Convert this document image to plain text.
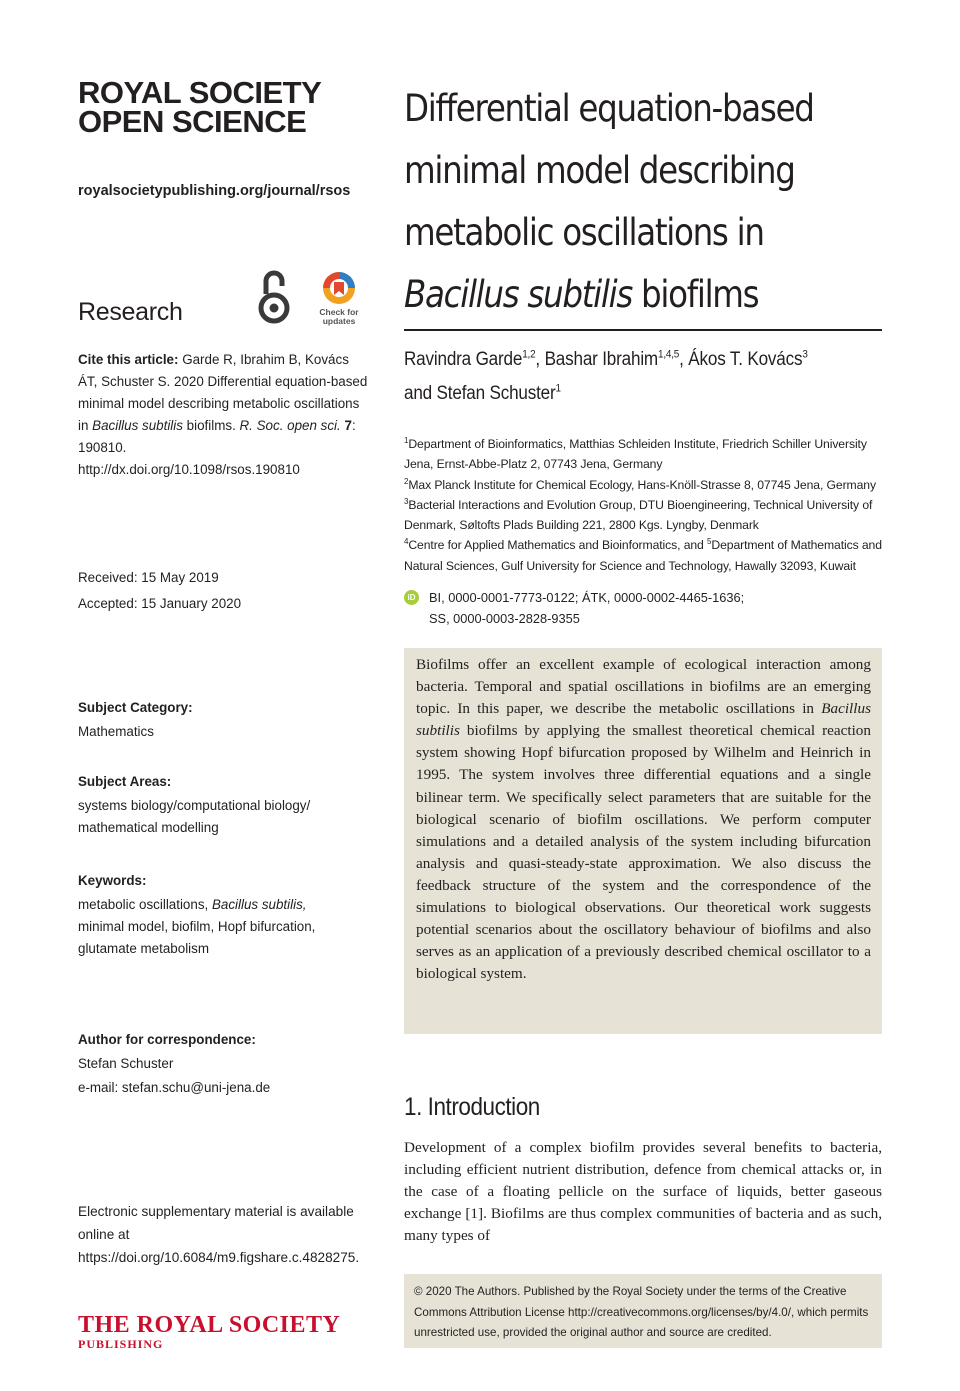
ROYAL SOCIETY
OPEN SCIENCE
royalsocietypublishing.org/journal/rsos
Research	Check for
updates
Cite this article: Garde R, Ibrahim B, Kovács ÁT, Schuster S. 2020 Differential equation-based minimal model describing metabolic oscillations in Bacillus subtilis biofilms. R. Soc. open sci. 7: 190810.
http://dx.doi.org/10.1098/rsos.190810
Received: 15 May 2019
Accepted: 15 January 2020
Subject Category:
Mathematics
Subject Areas:
systems biology/computational biology/
mathematical modelling
Keywords:
metabolic oscillations, Bacillus subtilis, minimal model, biofilm, Hopf bifurcation, glutamate metabolism
Author for correspondence:
Stefan Schuster
e-mail: stefan.schu@uni-jena.de
Electronic supplementary material is available online at https://doi.org/10.6084/m9.figshare.c.4828275.
THE ROYAL SOCIETY
PUBLISHING
Differential equation-based
minimal model describing
metabolic oscillations in
Bacillus subtilis biofilms
Ravindra Garde$^{1,2}$, Bashar Ibrahim$^{1,4,5}$, Ákos T. Kovács$^3$
and Stefan Schuster$^1$
$^1$Department of Bioinformatics, Matthias Schleiden Institute, Friedrich Schiller University Jena, Ernst-Abbe-Platz 2, 07743 Jena, Germany
$^2$Max Planck Institute for Chemical Ecology, Hans-Knöll-Strasse 8, 07745 Jena, Germany
$^3$Bacterial Interactions and Evolution Group, DTU Bioengineering, Technical University of Denmark, Søltofts Plads Building 221, 2800 Kgs. Lyngby, Denmark
$^4$Centre for Applied Mathematics and Bioinformatics, and $^5$Department of Mathematics and Natural Sciences, Gulf University for Science and Technology, Hawally 32093, Kuwait
iD BI, 0000-0001-7773-0122; ÁTK, 0000-0002-4465-1636;
SS, 0000-0003-2828-9355

Biofilms offer an excellent example of ecological interaction among bacteria. Temporal and spatial oscillations in biofilms are an emerging topic. In this paper, we describe the metabolic oscillations in Bacillus subtilis biofilms by applying the smallest theoretical chemical reaction system showing Hopf bifurcation proposed by Wilhelm and Heinrich in 1995. The system involves three differential equations and a single bilinear term. We specifically select parameters that are suitable for the biological scenario of biofilm oscillations. We perform computer simulations and a detailed analysis of the system including bifurcation analysis and quasi-steady-state approximation. We also discuss the feedback structure of the system and the correspondence of the simulations to biological observations. Our theoretical work suggests potential scenarios about the oscillatory behaviour of biofilms and also serves as an application of a previously described chemical oscillator to a biological system.

1. Introduction
Development of a complex biofilm provides several benefits to bacteria, including efficient nutrient distribution, defence from chemical attacks or, in the case of a floating pellicle on the surface of liquids, better gaseous exchange [1]. Biofilms are thus complex communities of bacteria and as such, many types of
© 2020 The Authors. Published by the Royal Society under the terms of the Creative Commons Attribution License http://creativecommons.org/licenses/by/4.0/, which permits unrestricted use, provided the original author and source are credited.
